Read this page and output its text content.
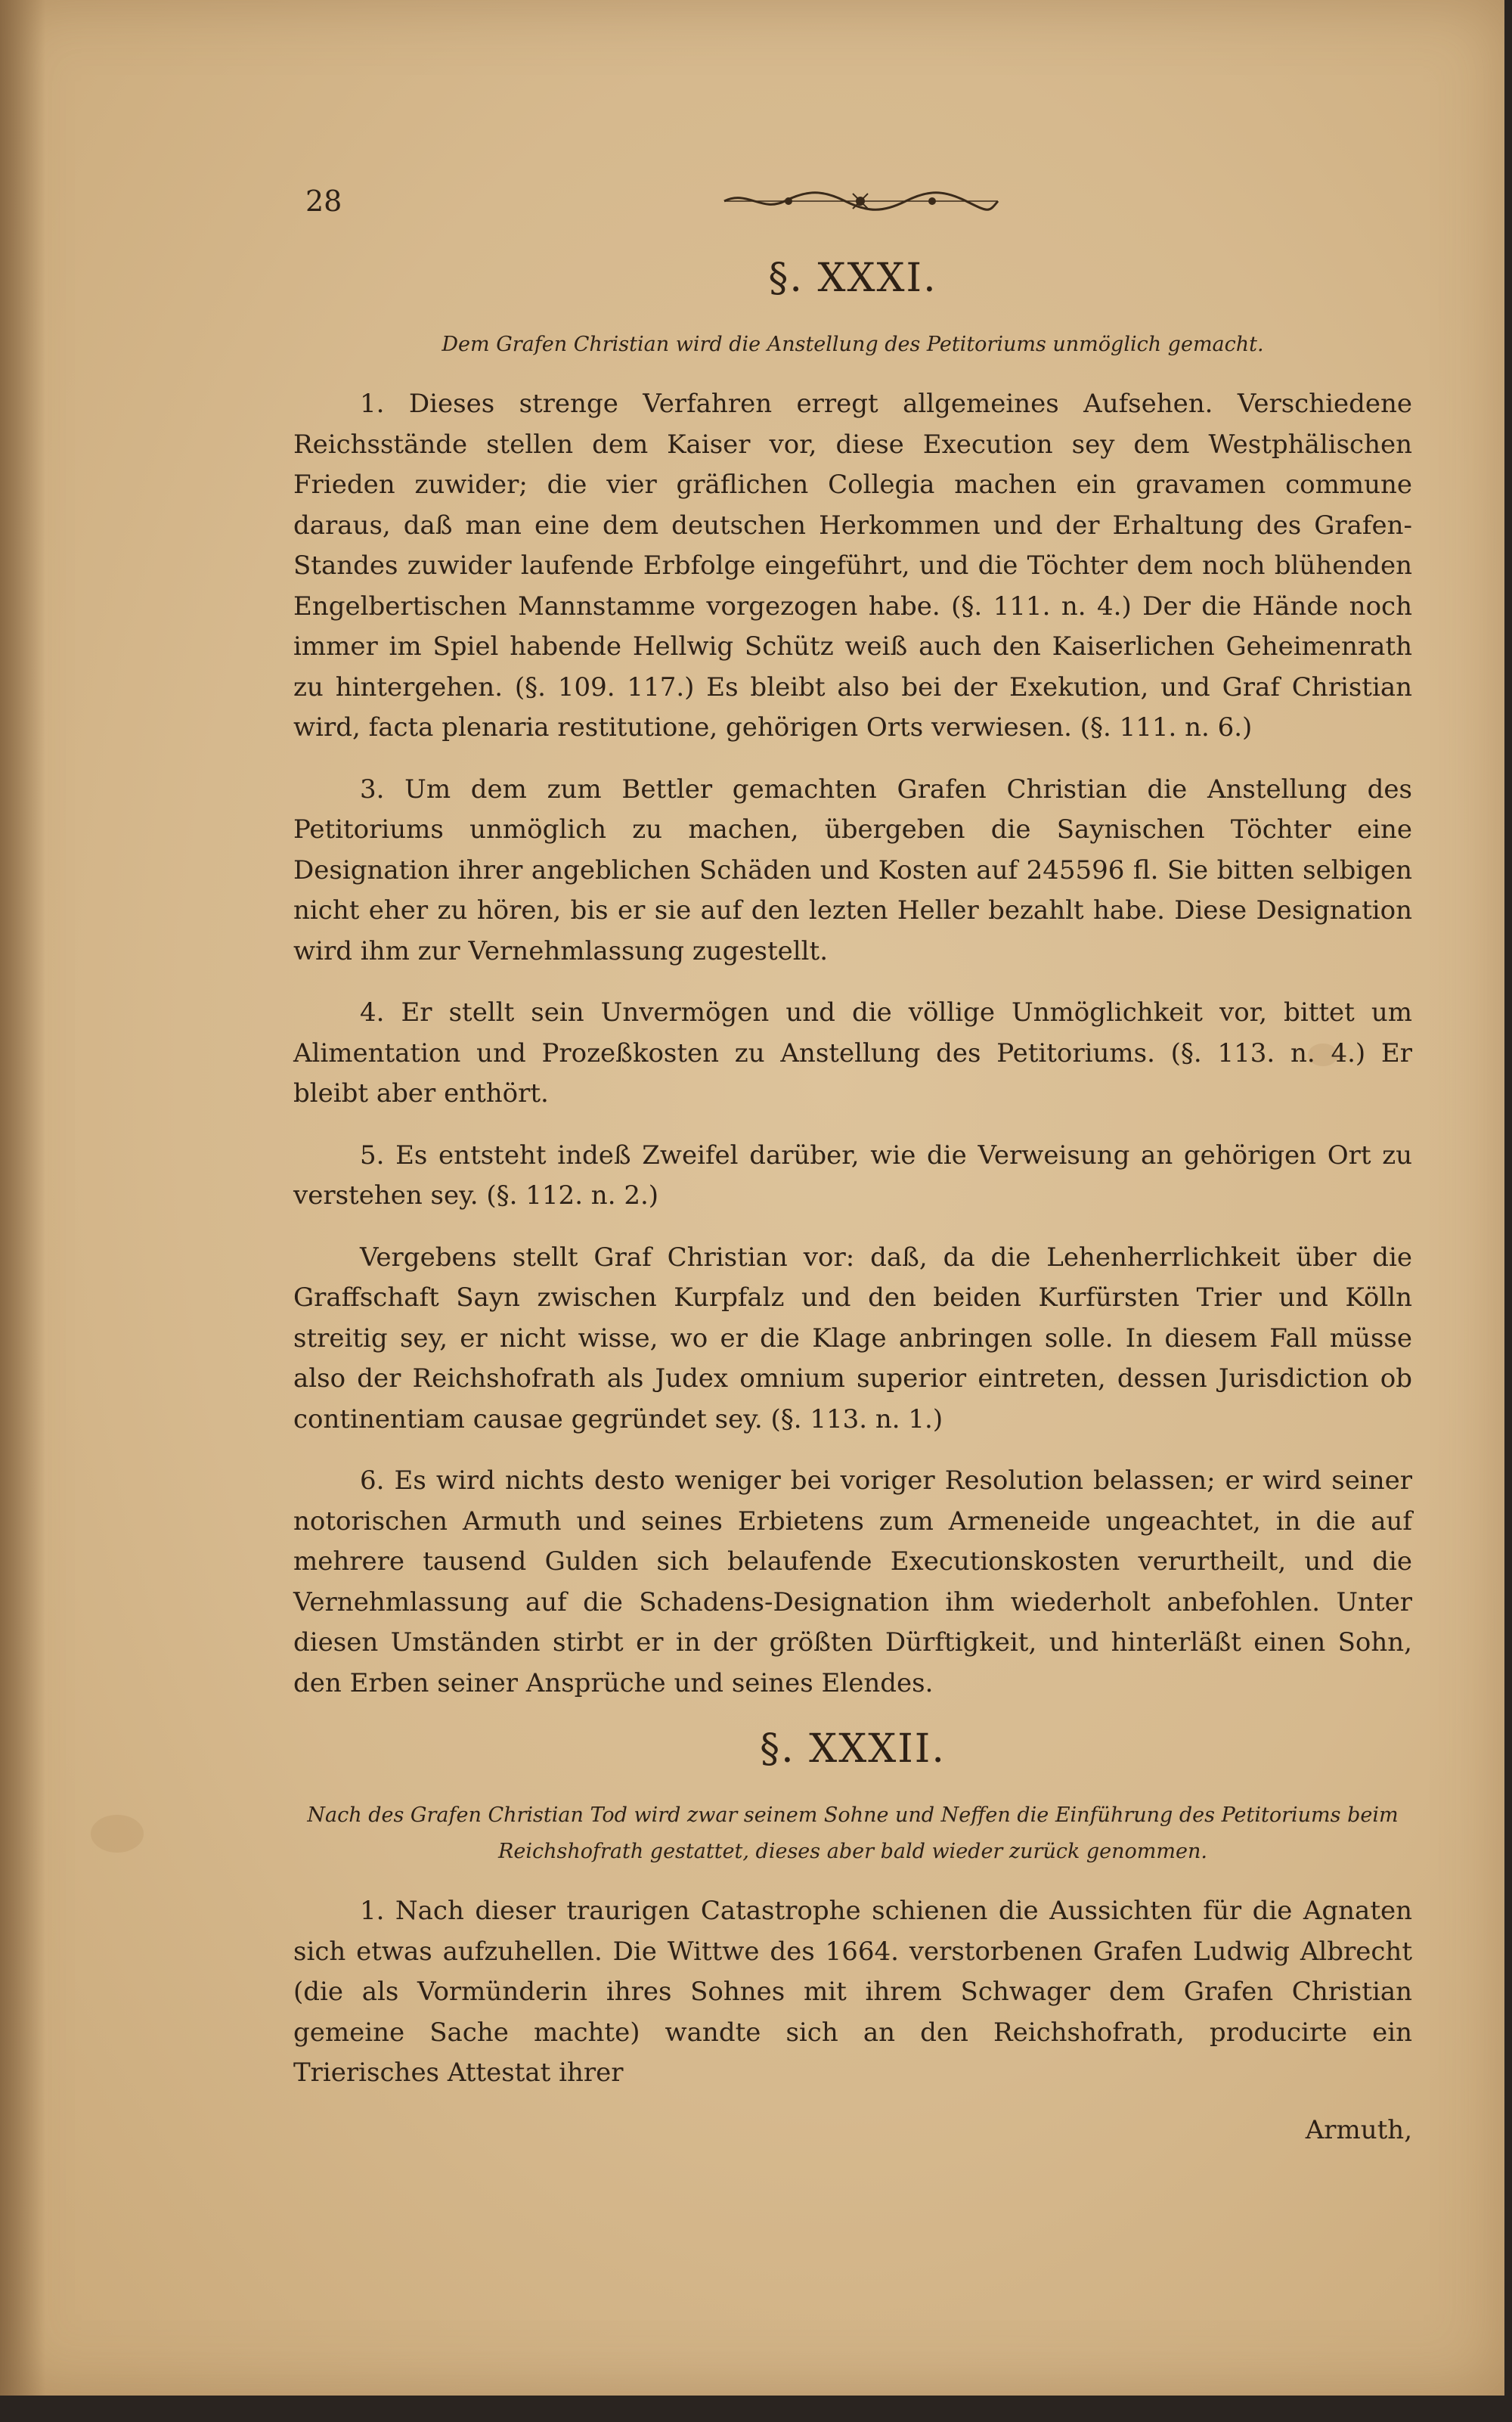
28
§. XXXI.
Dem Grafen Christian wird die Anstellung des Petitoriums unmöglich gemacht.

1. Dieses strenge Verfahren erregt allgemeines Aufsehen. Verschiedene Reichsstände stellen dem Kaiser vor, diese Execution sey dem Westphälischen Frieden zuwider; die vier gräflichen Collegia machen ein gravamen commune daraus, daß man eine dem deutschen Herkommen und der Erhaltung des Grafen-Standes zuwider laufende Erbfolge eingeführt, und die Töchter dem noch blühenden Engelbertischen Mannstamme vorgezogen habe. (§. 111. n. 4.) Der die Hände noch immer im Spiel habende Hellwig Schütz weiß auch den Kaiserlichen Geheimenrath zu hintergehen. (§. 109. 117.) Es bleibt also bei der Exekution, und Graf Christian wird, facta plenaria restitutione, gehörigen Orts verwiesen. (§. 111. n. 6.)

3. Um dem zum Bettler gemachten Grafen Christian die Anstellung des Petitoriums unmöglich zu machen, übergeben die Saynischen Töchter eine Designation ihrer angeblichen Schäden und Kosten auf 245596 fl. Sie bitten selbigen nicht eher zu hören, bis er sie auf den lezten Heller bezahlt habe. Diese Designation wird ihm zur Vernehmlassung zugestellt.

4. Er stellt sein Unvermögen und die völlige Unmöglichkeit vor, bittet um Alimentation und Prozeßkosten zu Anstellung des Petitoriums. (§. 113. n. 4.) Er bleibt aber enthört.

5. Es entsteht indeß Zweifel darüber, wie die Verweisung an gehörigen Ort zu verstehen sey. (§. 112. n. 2.)

Vergebens stellt Graf Christian vor: daß, da die Lehenherrlichkeit über die Graffschaft Sayn zwischen Kurpfalz und den beiden Kurfürsten Trier und Kölln streitig sey, er nicht wisse, wo er die Klage anbringen solle. In diesem Fall müsse also der Reichshofrath als Judex omnium superior eintreten, dessen Jurisdiction ob continentiam causae gegründet sey. (§. 113. n. 1.)

6. Es wird nichts desto weniger bei voriger Resolution belassen; er wird seiner notorischen Armuth und seines Erbietens zum Armeneide ungeachtet, in die auf mehrere tausend Gulden sich belaufende Executionskosten verurtheilt, und die Vernehmlassung auf die Schadens-Designation ihm wiederholt anbefohlen. Unter diesen Umständen stirbt er in der größten Dürftigkeit, und hinterläßt einen Sohn, den Erben seiner Ansprüche und seines Elendes.

§. XXXII.
Nach des Grafen Christian Tod wird zwar seinem Sohne und Neffen die Einführung des Petitoriums beim Reichshofrath gestattet, dieses aber bald wieder zurück genommen.

1. Nach dieser traurigen Catastrophe schienen die Aussichten für die Agnaten sich etwas aufzuhellen. Die Wittwe des 1664. verstorbenen Grafen Ludwig Albrecht (die als Vormünderin ihres Sohnes mit ihrem Schwager dem Grafen Christian gemeine Sache machte) wandte sich an den Reichshofrath, producirte ein Trierisches Attestat ihrer

Armuth,
